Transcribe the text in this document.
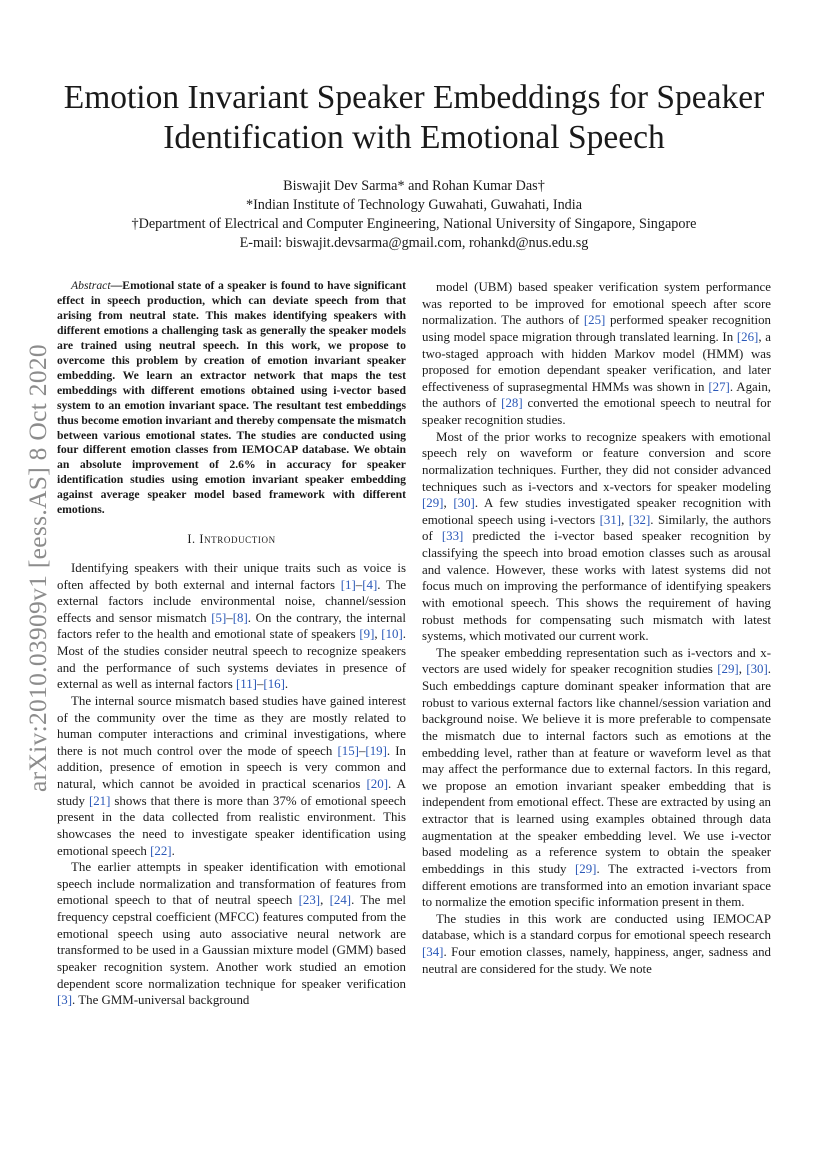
arXiv:2010.03909v1 [eess.AS] 8 Oct 2020
Emotion Invariant Speaker Embeddings for Speaker
Identification with Emotional Speech
Biswajit Dev Sarma* and Rohan Kumar Das†
*Indian Institute of Technology Guwahati, Guwahati, India
†Department of Electrical and Computer Engineering, National University of Singapore, Singapore
E-mail: biswajit.devsarma@gmail.com, rohankd@nus.edu.sg

Abstract—Emotional state of a speaker is found to have significant effect in speech production, which can deviate speech from that arising from neutral state. This makes identifying speakers with different emotions a challenging task as generally the speaker models are trained using neutral speech. In this work, we propose to overcome this problem by creation of emotion invariant speaker embedding. We learn an extractor network that maps the test embeddings with different emotions obtained using i-vector based system to an emotion invariant space. The resultant test embeddings thus become emotion invariant and thereby compensate the mismatch between various emotional states. The studies are conducted using four different emotion classes from IEMOCAP database. We obtain an absolute improvement of 2.6% in accuracy for speaker identification studies using emotion invariant speaker embedding against average speaker model based framework with different emotions.

I. Introduction

Identifying speakers with their unique traits such as voice is often affected by both external and internal factors [1]–[4]. The external factors include environmental noise, channel/session effects and sensor mismatch [5]–[8]. On the contrary, the internal factors refer to the health and emotional state of speakers [9], [10]. Most of the studies consider neutral speech to recognize speakers and the performance of such systems deviates in presence of external as well as internal factors [11]–[16].

The internal source mismatch based studies have gained interest of the community over the time as they are mostly related to human computer interactions and criminal investigations, where there is not much control over the mode of speech [15]–[19]. In addition, presence of emotion in speech is very common and natural, which cannot be avoided in practical scenarios [20]. A study [21] shows that there is more than 37% of emotional speech present in the data collected from realistic environment. This showcases the need to investigate speaker identification using emotional speech [22].

The earlier attempts in speaker identification with emotional speech include normalization and transformation of features from emotional speech to that of neutral speech [23], [24]. The mel frequency cepstral coefficient (MFCC) features computed from the emotional speech using auto associative neural network are transformed to be used in a Gaussian mixture model (GMM) based speaker recognition system. Another work studied an emotion dependent score normalization technique for speaker verification [3]. The GMM-universal background

model (UBM) based speaker verification system performance was reported to be improved for emotional speech after score normalization. The authors of [25] performed speaker recognition using model space migration through translated learning. In [26], a two-staged approach with hidden Markov model (HMM) was proposed for emotion dependant speaker verification, and later effectiveness of suprasegmental HMMs was shown in [27]. Again, the authors of [28] converted the emotional speech to neutral for speaker recognition studies.

Most of the prior works to recognize speakers with emotional speech rely on waveform or feature conversion and score normalization techniques. Further, they did not consider advanced techniques such as i-vectors and x-vectors for speaker modeling [29], [30]. A few studies investigated speaker recognition with emotional speech using i-vectors [31], [32]. Similarly, the authors of [33] predicted the i-vector based speaker recognition by classifying the speech into broad emotion classes such as arousal and valence. However, these works with latest systems did not focus much on improving the performance of identifying speakers with emotional speech. This shows the requirement of having robust methods for compensating such mismatch with latest systems, which motivated our current work.

The speaker embedding representation such as i-vectors and x-vectors are used widely for speaker recognition studies [29], [30]. Such embeddings capture dominant speaker information that are robust to various external factors like channel/session variation and background noise. We believe it is more preferable to compensate the mismatch due to internal factors such as emotions at the embedding level, rather than at feature or waveform level as that may affect the performance due to external factors. In this regard, we propose an emotion invariant speaker embedding that is independent from emotional effect. These are extracted by using an extractor that is learned using examples obtained through data augmentation at the speaker embedding level. We use i-vector based modeling as a reference system to obtain the speaker embeddings in this study [29]. The extracted i-vectors from different emotions are transformed into an emotion invariant space to normalize the emotion specific information present in them.

The studies in this work are conducted using IEMOCAP database, which is a standard corpus for emotional speech research [34]. Four emotion classes, namely, happiness, anger, sadness and neutral are considered for the study. We note
